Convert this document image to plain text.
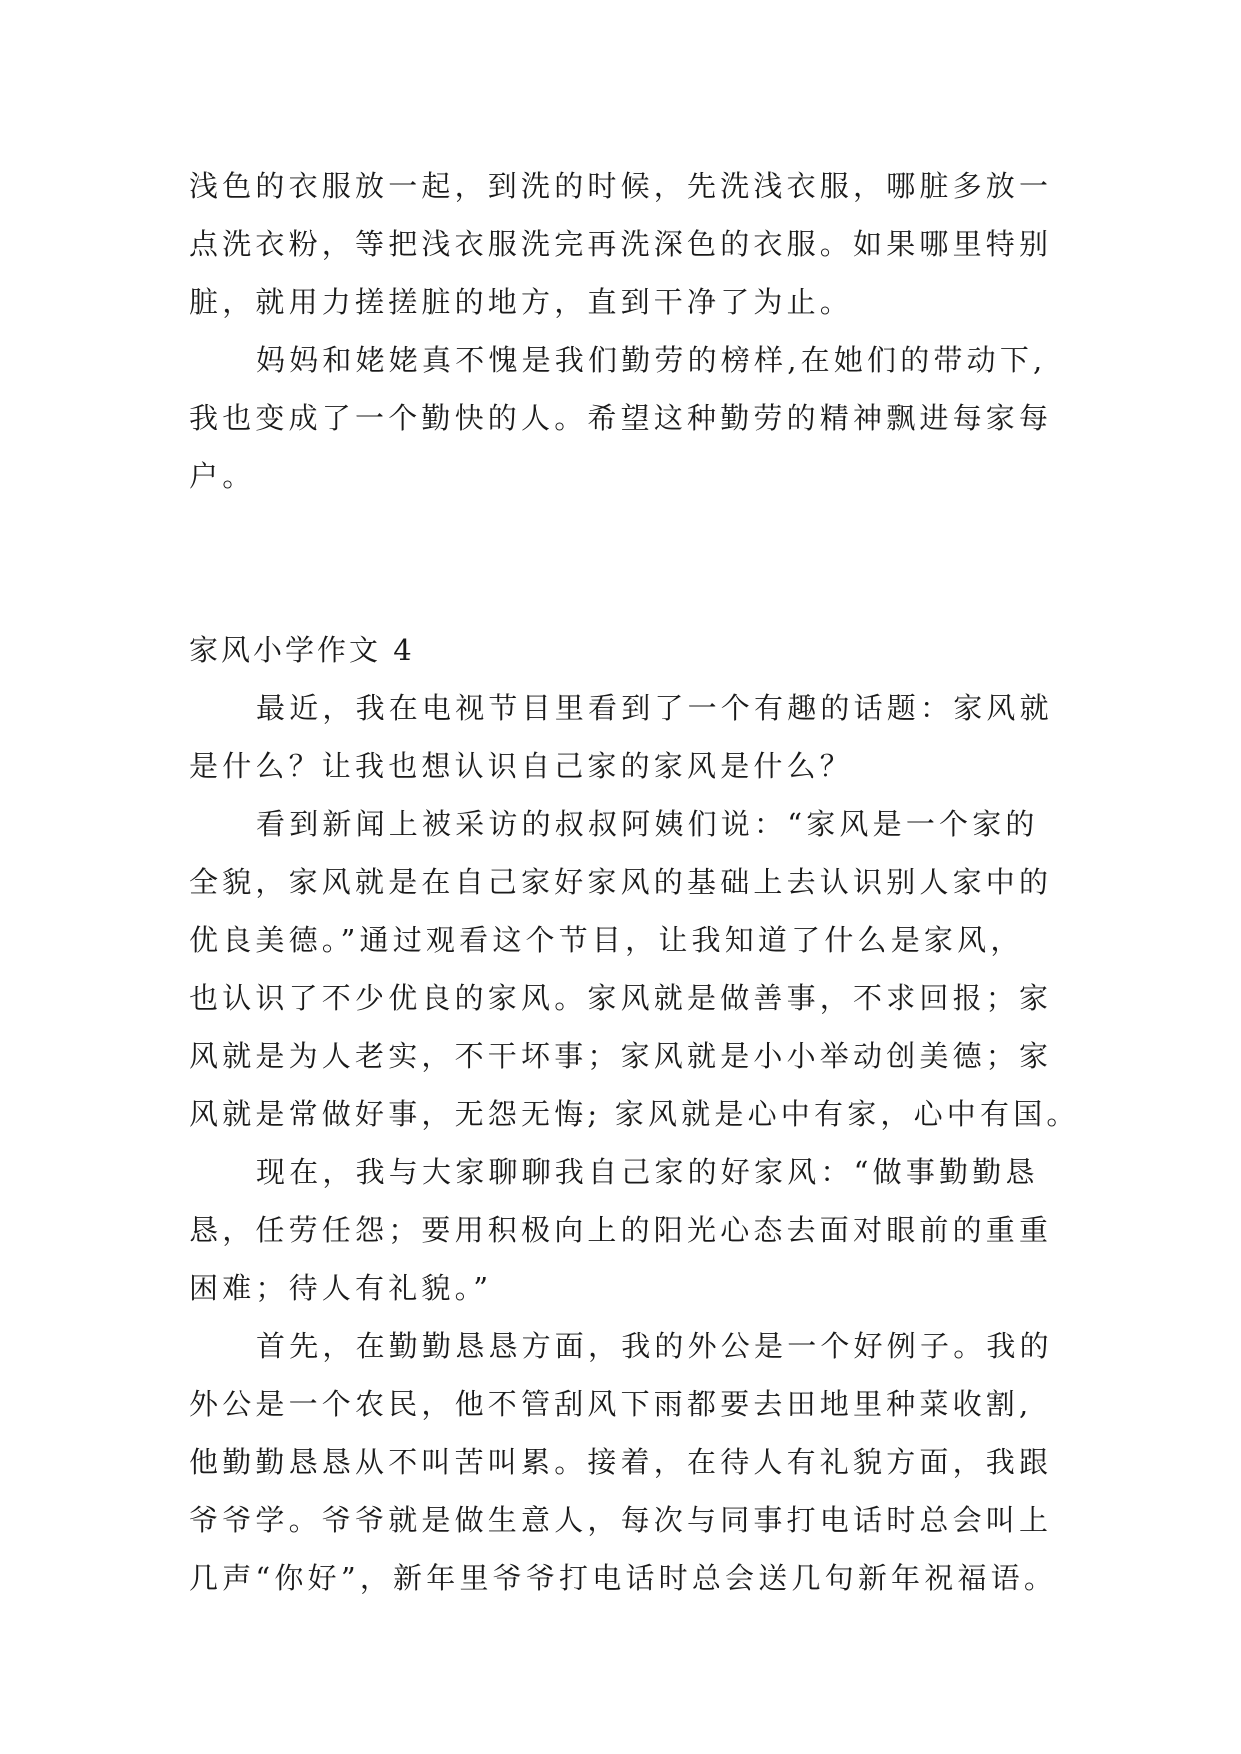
浅色的衣服放一起，到洗的时候，先洗浅衣服，哪脏多放一
点洗衣粉，等把浅衣服洗完再洗深色的衣服。如果哪里特别
脏，就用力搓搓脏的地方，直到干净了为止。
妈妈和姥姥真不愧是我们勤劳的榜样,在她们的带动下,
我也变成了一个勤快的人。希望这种勤劳的精神飘进每家每
户。
家风小学作文 4
最近，我在电视节目里看到了一个有趣的话题：家风就
是什么？让我也想认识自己家的家风是什么？
看到新闻上被采访的叔叔阿姨们说：“家风是一个家的
全貌，家风就是在自己家好家风的基础上去认识别人家中的
优良美德。”通过观看这个节目，让我知道了什么是家风，
也认识了不少优良的家风。家风就是做善事，不求回报；家
风就是为人老实，不干坏事；家风就是小小举动创美德；家
风就是常做好事，无怨无悔; 家风就是心中有家，心中有国。
现在，我与大家聊聊我自己家的好家风：“做事勤勤恳
恳，任劳任怨；要用积极向上的阳光心态去面对眼前的重重
困难；待人有礼貌。”
首先，在勤勤恳恳方面，我的外公是一个好例子。我的
外公是一个农民，他不管刮风下雨都要去田地里种菜收割,
他勤勤恳恳从不叫苦叫累。接着，在待人有礼貌方面，我跟
爷爷学。爷爷就是做生意人，每次与同事打电话时总会叫上
几声“你好”，新年里爷爷打电话时总会送几句新年祝福语。
